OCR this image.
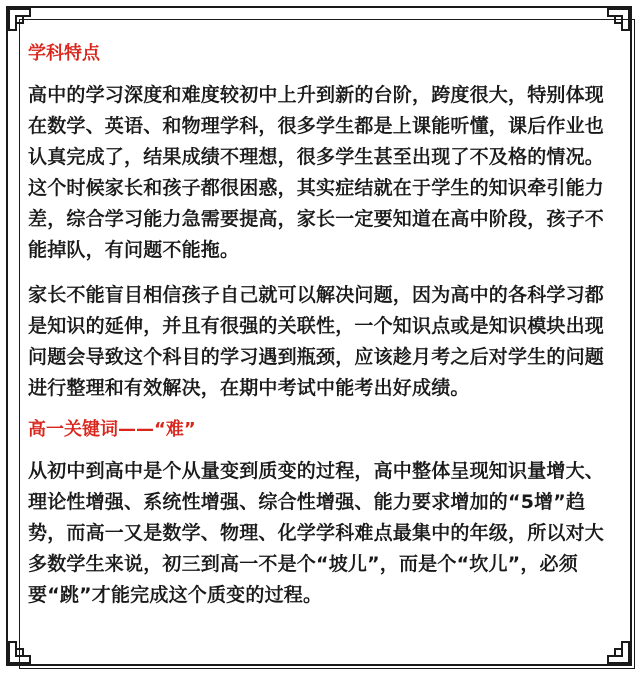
学科特点

高中的学习深度和难度较初中上升到新的台阶，跨度很大，特别体现在数学、英语、和物理学科，很多学生都是上课能听懂，课后作业也认真完成了，结果成绩不理想，很多学生甚至出现了不及格的情况。这个时候家长和孩子都很困惑，其实症结就在于学生的知识牵引能力差，综合学习能力急需要提高，家长一定要知道在高中阶段，孩子不能掉队，有问题不能拖。

家长不能盲目相信孩子自己就可以解决问题，因为高中的各科学习都是知识的延伸，并且有很强的关联性，一个知识点或是知识模块出现问题会导致这个科目的学习遇到瓶颈，应该趁月考之后对学生的问题进行整理和有效解决，在期中考试中能考出好成绩。

高一关键词——“难”

从初中到高中是个从量变到质变的过程，高中整体呈现知识量增大、理论性增强、系统性增强、综合性增强、能力要求增加的“5增”趋势，而高一又是数学、物理、化学学科难点最集中的年级，所以对大多数学生来说，初三到高一不是个“坡儿”，而是个“坎儿”，必须要“跳”才能完成这个质变的过程。
